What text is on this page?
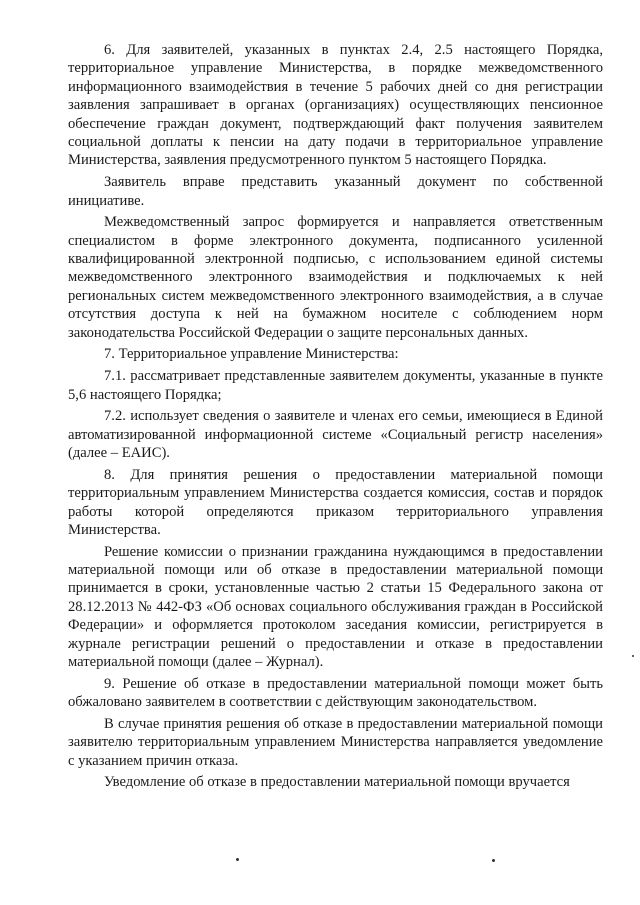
6. Для заявителей, указанных в пунктах 2.4, 2.5 настоящего Порядка, территориальное управление Министерства, в порядке межведомственного информационного взаимодействия в течение 5 рабочих дней со дня регистрации заявления запрашивает в органах (организациях) осуществляющих пенсионное обеспечение граждан документ, подтверждающий факт получения заявителем социальной доплаты к пенсии на дату подачи в территориальное управление Министерства, заявления предусмотренного пунктом 5 настоящего Порядка.

Заявитель вправе представить указанный документ по собственной инициативе.

Межведомственный запрос формируется и направляется ответственным специалистом в форме электронного документа, подписанного усиленной квалифицированной электронной подписью, с использованием единой системы межведомственного электронного взаимодействия и подключаемых к ней региональных систем межведомственного электронного взаимодействия, а в случае отсутствия доступа к ней на бумажном носителе с соблюдением норм законодательства Российской Федерации о защите персональных данных.

7. Территориальное управление Министерства:

7.1. рассматривает представленные заявителем документы, указанные в пункте 5,6 настоящего Порядка;

7.2. использует сведения о заявителе и членах его семьи, имеющиеся в Единой автоматизированной информационной системе «Социальный регистр населения» (далее – ЕАИС).

8. Для принятия решения о предоставлении материальной помощи территориальным управлением Министерства создается комиссия, состав и порядок работы которой определяются приказом территориального управления Министерства.

Решение комиссии о признании гражданина нуждающимся в предоставлении материальной помощи или об отказе в предоставлении материальной помощи принимается в сроки, установленные частью 2 статьи 15 Федерального закона от 28.12.2013 № 442-ФЗ «Об основах социального обслуживания граждан в Российской Федерации» и оформляется протоколом заседания комиссии, регистрируется в журнале регистрации решений о предоставлении и отказе в предоставлении материальной помощи (далее – Журнал).

9. Решение об отказе в предоставлении материальной помощи может быть обжаловано заявителем в соответствии с действующим законодательством.

В случае принятия решения об отказе в предоставлении материальной помощи заявителю территориальным управлением Министерства направляется уведомление с указанием причин отказа.

Уведомление об отказе в предоставлении материальной помощи вручается
